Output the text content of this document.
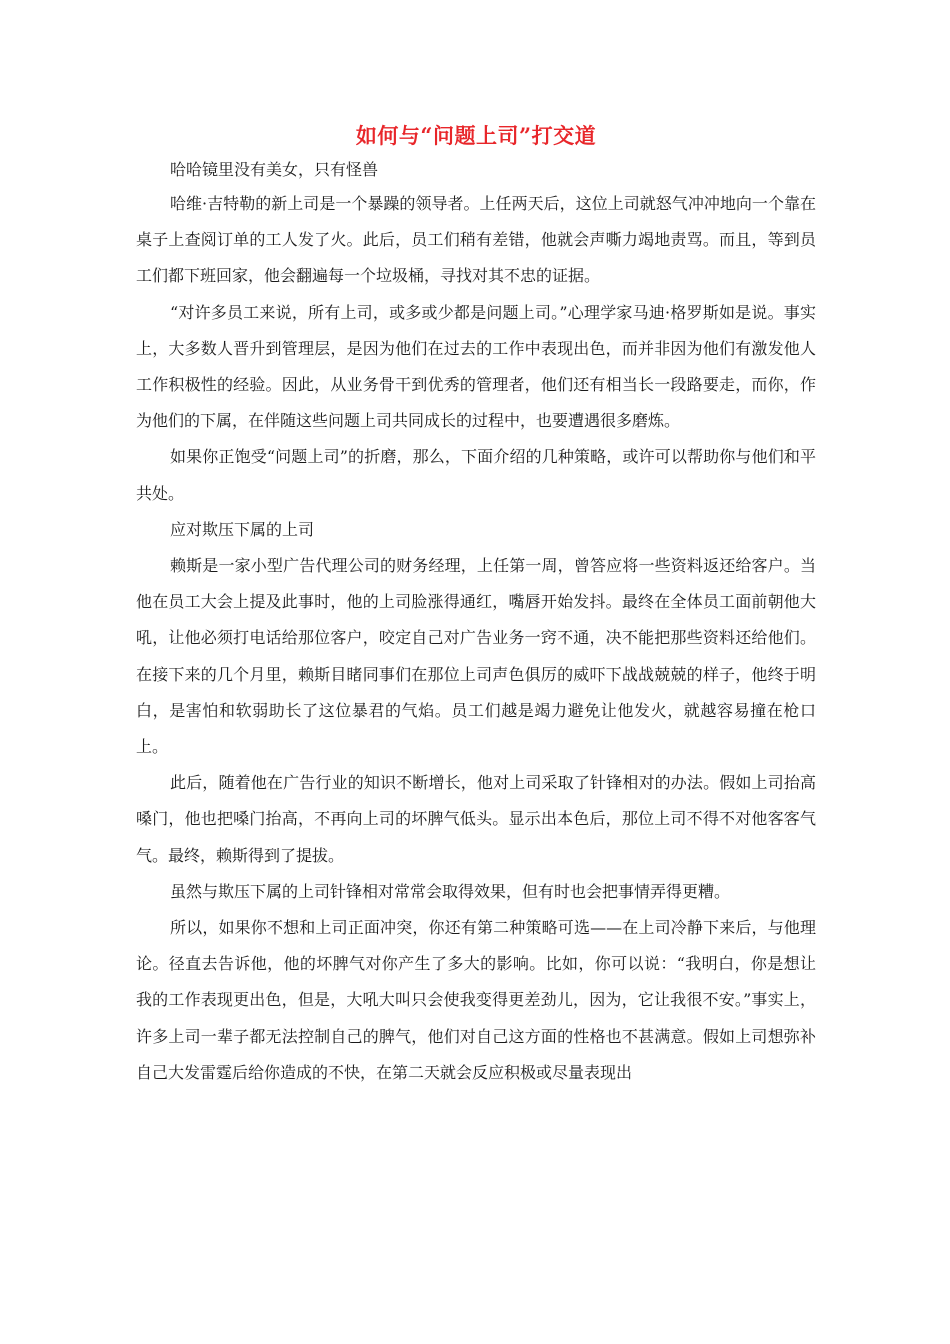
如何与“问题上司”打交道

哈哈镜里没有美女，只有怪兽

哈维·吉特勒的新上司是一个暴躁的领导者。上任两天后，这位上司就怒气冲冲地向一个靠在桌子上查阅订单的工人发了火。此后，员工们稍有差错，他就会声嘶力竭地责骂。而且，等到员工们都下班回家，他会翻遍每一个垃圾桶，寻找对其不忠的证据。

“对许多员工来说，所有上司，或多或少都是问题上司。”心理学家马迪·格罗斯如是说。事实上，大多数人晋升到管理层，是因为他们在过去的工作中表现出色，而并非因为他们有激发他人工作积极性的经验。因此，从业务骨干到优秀的管理者，他们还有相当长一段路要走，而你，作为他们的下属，在伴随这些问题上司共同成长的过程中，也要遭遇很多磨炼。

如果你正饱受“问题上司”的折磨，那么，下面介绍的几种策略，或许可以帮助你与他们和平共处。

应对欺压下属的上司

赖斯是一家小型广告代理公司的财务经理，上任第一周，曾答应将一些资料返还给客户。当他在员工大会上提及此事时，他的上司脸涨得通红，嘴唇开始发抖。最终在全体员工面前朝他大吼，让他必须打电话给那位客户，咬定自己对广告业务一窍不通，决不能把那些资料还给他们。在接下来的几个月里，赖斯目睹同事们在那位上司声色俱厉的威吓下战战兢兢的样子，他终于明白，是害怕和软弱助长了这位暴君的气焰。员工们越是竭力避免让他发火，就越容易撞在枪口上。

此后，随着他在广告行业的知识不断增长，他对上司采取了针锋相对的办法。假如上司抬高嗓门，他也把嗓门抬高，不再向上司的坏脾气低头。显示出本色后，那位上司不得不对他客客气气。最终，赖斯得到了提拔。

虽然与欺压下属的上司针锋相对常常会取得效果，但有时也会把事情弄得更糟。

所以，如果你不想和上司正面冲突，你还有第二种策略可选——在上司冷静下来后，与他理论。径直去告诉他，他的坏脾气对你产生了多大的影响。比如，你可以说：“我明白，你是想让我的工作表现更出色，但是，大吼大叫只会使我变得更差劲儿，因为，它让我很不安。”事实上，许多上司一辈子都无法控制自己的脾气，他们对自己这方面的性格也不甚满意。假如上司想弥补自己大发雷霆后给你造成的不快，在第二天就会反应积极或尽量表现出
